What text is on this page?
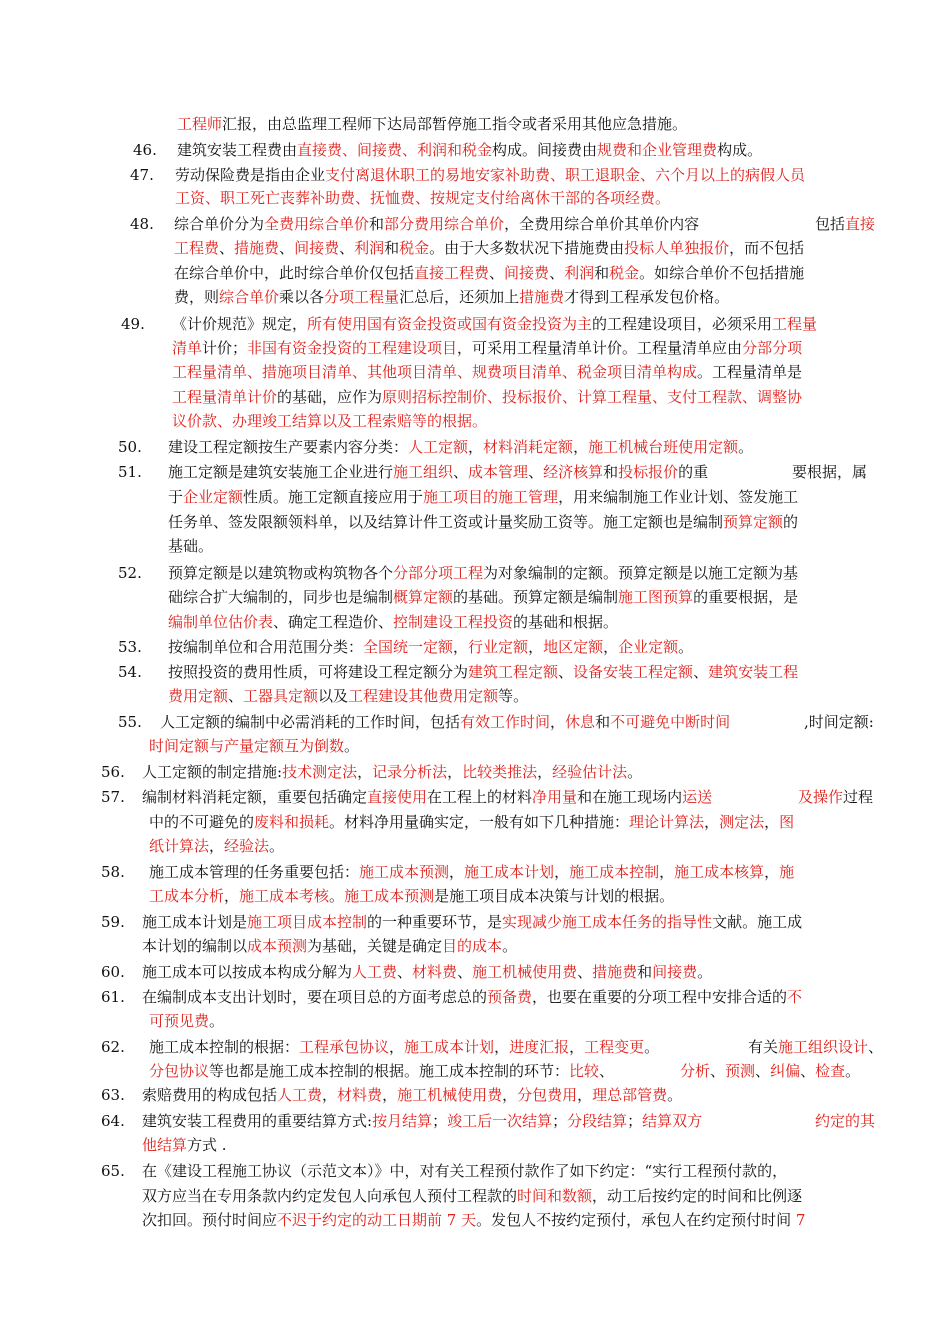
工程师汇报，由总监理工程师下达局部暂停施工指令或者采用其他应急措施。
46. 建筑安装工程费由直接费、间接费、利润和税金构成。间接费由规费和企业管理费构成。
47. 劳动保险费是指由企业支付离退休职工的易地安家补助费、职工退职金、六个月以上的病假人员
工资、职工死亡丧葬补助费、抚恤费、按规定支付给离休干部的各项经费。
48. 综合单价分为全费用综合单价和部分费用综合单价，全费用综合单价其单价内容	包括直接
工程费、措施费、间接费、利润和税金。由于大多数状况下措施费由投标人单独报价，而不包括
在综合单价中，此时综合单价仅包括直接工程费、间接费、利润和税金。如综合单价不包括措施
费，则综合单价乘以各分项工程量汇总后，还须加上措施费才得到工程承发包价格。
49. 《计价规范》规定，所有使用国有资金投资或国有资金投资为主的工程建设项目，必须采用工程量
清单计价；非国有资金投资的工程建设项目，可采用工程量清单计价。工程量清单应由分部分项
工程量清单、措施项目清单、其他项目清单、规费项目清单、税金项目清单构成。工程量清单是
工程量清单计价的基础，应作为原则招标控制价、投标报价、计算工程量、支付工程款、调整协
议价款、办理竣工结算以及工程索赔等的根据。
50. 建设工程定额按生产要素内容分类：人工定额，材料消耗定额，施工机械台班使用定额。
51. 施工定额是建筑安装施工企业进行施工组织、成本管理、经济核算和投标报价的重	要根据，属
于企业定额性质。施工定额直接应用于施工项目的施工管理，用来编制施工作业计划、签发施工
任务单、签发限额领料单，以及结算计件工资或计量奖励工资等。施工定额也是编制预算定额的
基础。
52. 预算定额是以建筑物或构筑物各个分部分项工程为对象编制的定额。预算定额是以施工定额为基
础综合扩大编制的，同步也是编制概算定额的基础。预算定额是编制施工图预算的重要根据，是
编制单位估价表、确定工程造价、控制建设工程投资的基础和根据。
53. 按编制单位和合用范围分类：全国统一定额，行业定额，地区定额，企业定额。
54. 按照投资的费用性质，可将建设工程定额分为建筑工程定额、设备安装工程定额、建筑安装工程
费用定额、工器具定额以及工程建设其他费用定额等。
55. 人工定额的编制中必需消耗的工作时间，包括有效工作时间，休息和不可避免中断时间	,时间定额:
时间定额与产量定额互为倒数。
56. 人工定额的制定措施:技术测定法，记录分析法，比较类推法，经验估计法。
57. 编制材料消耗定额，重要包括确定直接使用在工程上的材料净用量和在施工现场内运送	及操作过程
中的不可避免的废料和损耗。材料净用量确实定，一般有如下几种措施：理论计算法，测定法，图
纸计算法，经验法。
58. 施工成本管理的任务重要包括：施工成本预测，施工成本计划，施工成本控制，施工成本核算，施
工成本分析，施工成本考核。施工成本预测是施工项目成本决策与计划的根据。
59. 施工成本计划是施工项目成本控制的一种重要环节，是实现减少施工成本任务的指导性文献。施工成
本计划的编制以成本预测为基础，关键是确定目的成本。
60. 施工成本可以按成本构成分解为人工费、材料费、施工机械使用费、措施费和间接费。
61. 在编制成本支出计划时，要在项目总的方面考虑总的预备费，也要在重要的分项工程中安排合适的不
可预见费。
62. 施工成本控制的根据：工程承包协议，施工成本计划，进度汇报，工程变更。	有关施工组织设计、
分包协议等也都是施工成本控制的根据。施工成本控制的环节：比较、	分析、预测、纠偏、检查。
63. 索赔费用的构成包括人工费，材料费，施工机械使用费，分包费用，理总部管费。
64. 建筑安装工程费用的重要结算方式:按月结算；竣工后一次结算；分段结算；结算双方	约定的其
他结算方式 .
65. 在《建设工程施工协议（示范文本）》中，对有关工程预付款作了如下约定：“实行工程预付款的，
双方应当在专用条款内约定发包人向承包人预付工程款的时间和数额，动工后按约定的时间和比例逐
次扣回。预付时间应不迟于约定的动工日期前 7 天。发包人不按约定预付，承包人在约定预付时间 7
